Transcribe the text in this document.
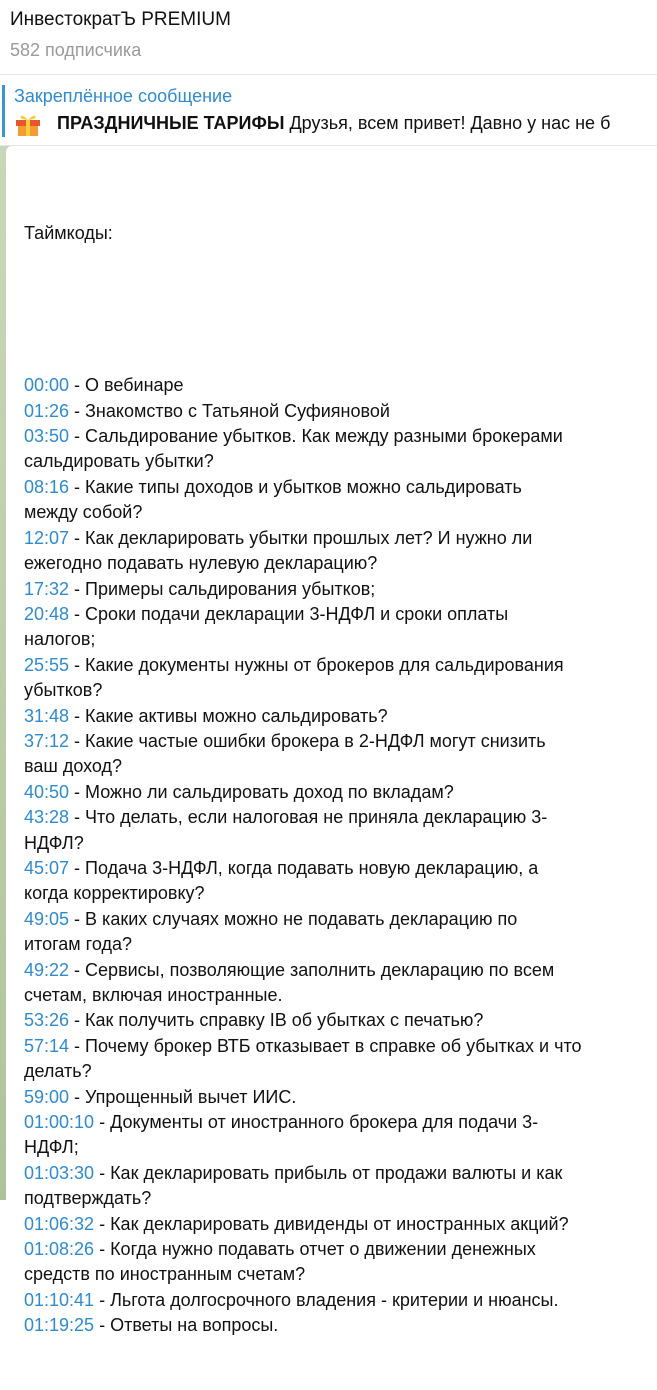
ИнвестократЪ PREMIUM
582 подписчика
Закреплённое сообщение
ПРАЗДНИЧНЫЕ ТАРИФЫ Друзья, всем привет! Давно у нас не б

Таймкоды:

00:00 - О вебинаре
01:26 - Знакомство с Татьяной Суфияновой
03:50 - Сальдирование убытков. Как между разными брокерами
сальдировать убытки?
08:16 - Какие типы доходов и убытков можно сальдировать
между собой?
12:07 - Как декларировать убытки прошлых лет? И нужно ли
ежегодно подавать нулевую декларацию?
17:32 - Примеры сальдирования убытков;
20:48 - Сроки подачи декларации 3-НДФЛ и сроки оплаты
налогов;
25:55 - Какие документы нужны от брокеров для сальдирования
убытков?
31:48 - Какие активы можно сальдировать?
37:12 - Какие частые ошибки брокера в 2-НДФЛ могут снизить
ваш доход?
40:50 - Можно ли сальдировать доход по вкладам?
43:28 - Что делать, если налоговая не приняла декларацию 3-
НДФЛ?
45:07 - Подача 3-НДФЛ, когда подавать новую декларацию, а
когда корректировку?
49:05 - В каких случаях можно не подавать декларацию по
итогам года?
49:22 - Сервисы, позволяющие заполнить декларацию по всем
счетам, включая иностранные.
53:26 - Как получить справку IB об убытках с печатью?
57:14 - Почему брокер ВТБ отказывает в справке об убытках и что
делать?
59:00 - Упрощенный вычет ИИС.
01:00:10 - Документы от иностранного брокера для подачи 3-
НДФЛ;
01:03:30 - Как декларировать прибыль от продажи валюты и как
подтверждать?
01:06:32 - Как декларировать дивиденды от иностранных акций?
01:08:26 - Когда нужно подавать отчет о движении денежных
средств по иностранным счетам?
01:10:41 - Льгота долгосрочного владения - критерии и нюансы.
01:19:25 - Ответы на вопросы.
